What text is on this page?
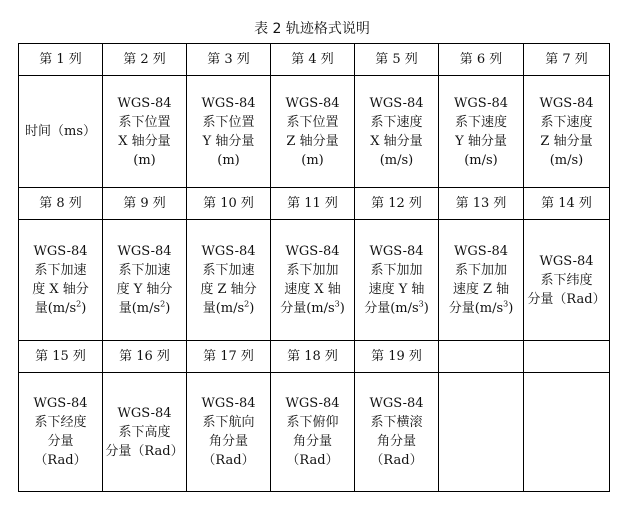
表 2 轨迹格式说明
第 1 列	第 2 列	第 3 列	第 4 列	第 5 列	第 6 列	第 7 列

时间（ms）	WGS-84
系下位置
X 轴分量
(m)	WGS-84
系下位置
Y 轴分量
(m)	WGS-84
系下位置
Z 轴分量
(m)	WGS-84
系下速度
X 轴分量
(m/s)	WGS-84
系下速度
Y 轴分量
(m/s)	WGS-84
系下速度
Z 轴分量
(m/s)

第 8 列	第 9 列	第 10 列	第 11 列	第 12 列	第 13 列	第 14 列

WGS-84
系下加速
度 X 轴分
量$(m/s^2)$	WGS-84
系下加速
度 Y 轴分
量$(m/s^2)$	WGS-84
系下加速
度 Z 轴分
量$(m/s^2)$	WGS-84
系下加加
速度 X 轴
分量$(m/s^3)$	WGS-84
系下加加
速度 Y 轴
分量$(m/s^3)$	WGS-84
系下加加
速度 Z 轴
分量$(m/s^3)$	WGS-84
系下纬度
分量（Rad）

第 15 列	第 16 列	第 17 列	第 18 列	第 19 列		

WGS-84
系下经度
分量
（Rad）	WGS-84
系下高度
分量（Rad）	WGS-84
系下航向
角分量
（Rad）	WGS-84
系下俯仰
角分量
（Rad）	WGS-84
系下横滚
角分量
（Rad）		
